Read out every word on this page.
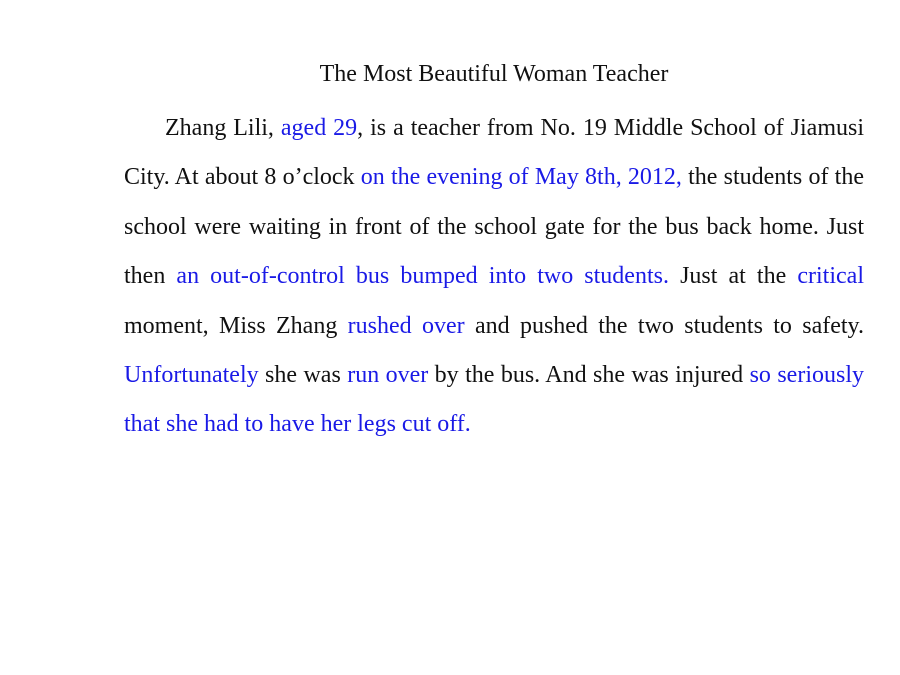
The Most Beautiful Woman Teacher

Zhang Lili, aged 29, is a teacher from No. 19 Middle School of Jiamusi City. At about 8 o’clock on the evening of May 8th, 2012, the students of the school were waiting in front of the school gate for the bus back home. Just then an out-of-control bus bumped into two students. Just at the critical moment, Miss Zhang rushed over and pushed the two students to safety. Unfortunately she was run over by the bus. And she was injured so seriously that she had to have her legs cut off.
